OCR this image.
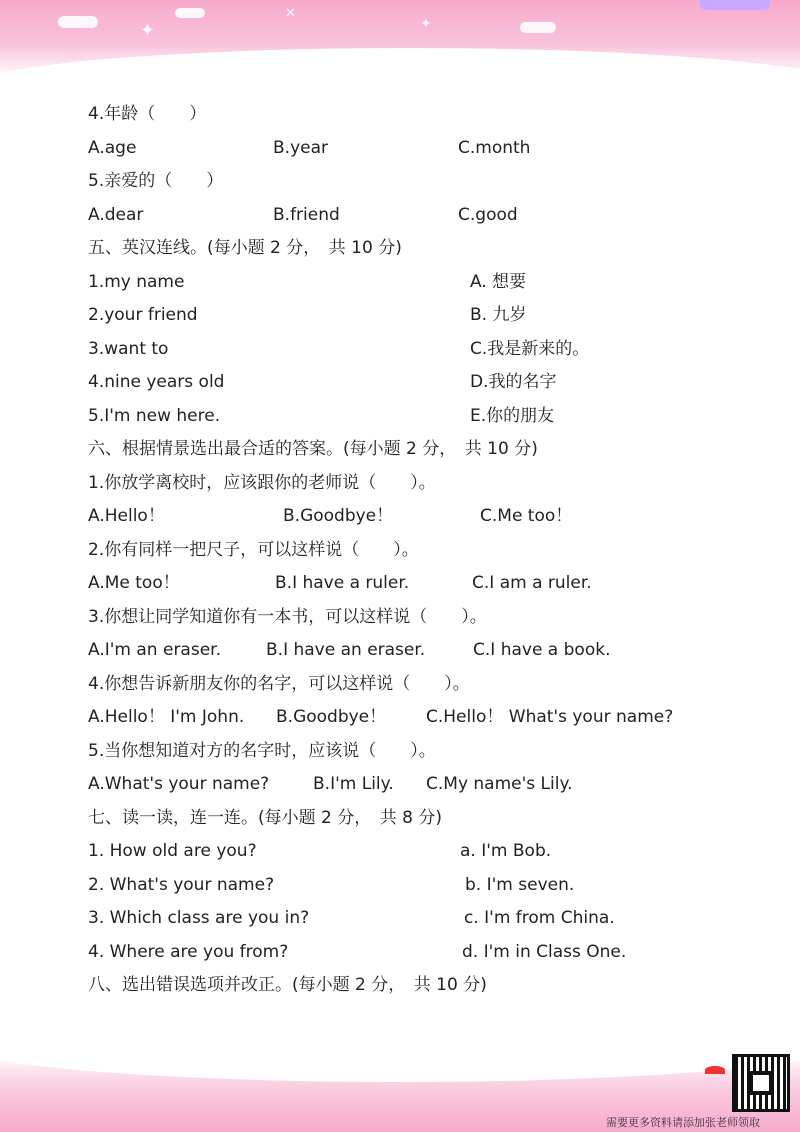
✦
✕
✦
4.年龄（　　）
A.age	B.year	C.month
5.亲爱的（　　）
A.dear	B.friend	C.good
五、英汉连线。(每小题 2 分，　共 10 分)
1.my name	A. 想要
2.your friend	B. 九岁
3.want to	C.我是新来的。
4.nine years old	D.我的名字
5.I'm new here.	E.你的朋友
六、根据情景选出最合适的答案。(每小题 2 分，　共 10 分)
1.你放学离校时，应该跟你的老师说（　　）。
A.Hello！	B.Goodbye！	C.Me too！
2.你有同样一把尺子，可以这样说（　　）。
A.Me too！	B.I have a ruler.	C.I am a ruler.
3.你想让同学知道你有一本书，可以这样说（　　）。
A.I'm an eraser.	B.I have an eraser.	C.I have a book.
4.你想告诉新朋友你的名字，可以这样说（　　）。
A.Hello！ I'm John. B.Goodbye！ C.Hello！ What's your name?
5.当你想知道对方的名字时，应该说（　　）。
A.What's your name?	B.I'm Lily. C.My name's Lily.
七、读一读，连一连。(每小题 2 分，　共 8 分)
1. How old are you?	a. I'm Bob.
2. What's your name?	b. I'm seven.
3. Which class are you in?	c. I'm from China.
4. Where are you from?	d. I'm in Class One.
八、选出错误选项并改正。(每小题 2 分，　共 10 分)
需要更多资料请添加张老师领取
